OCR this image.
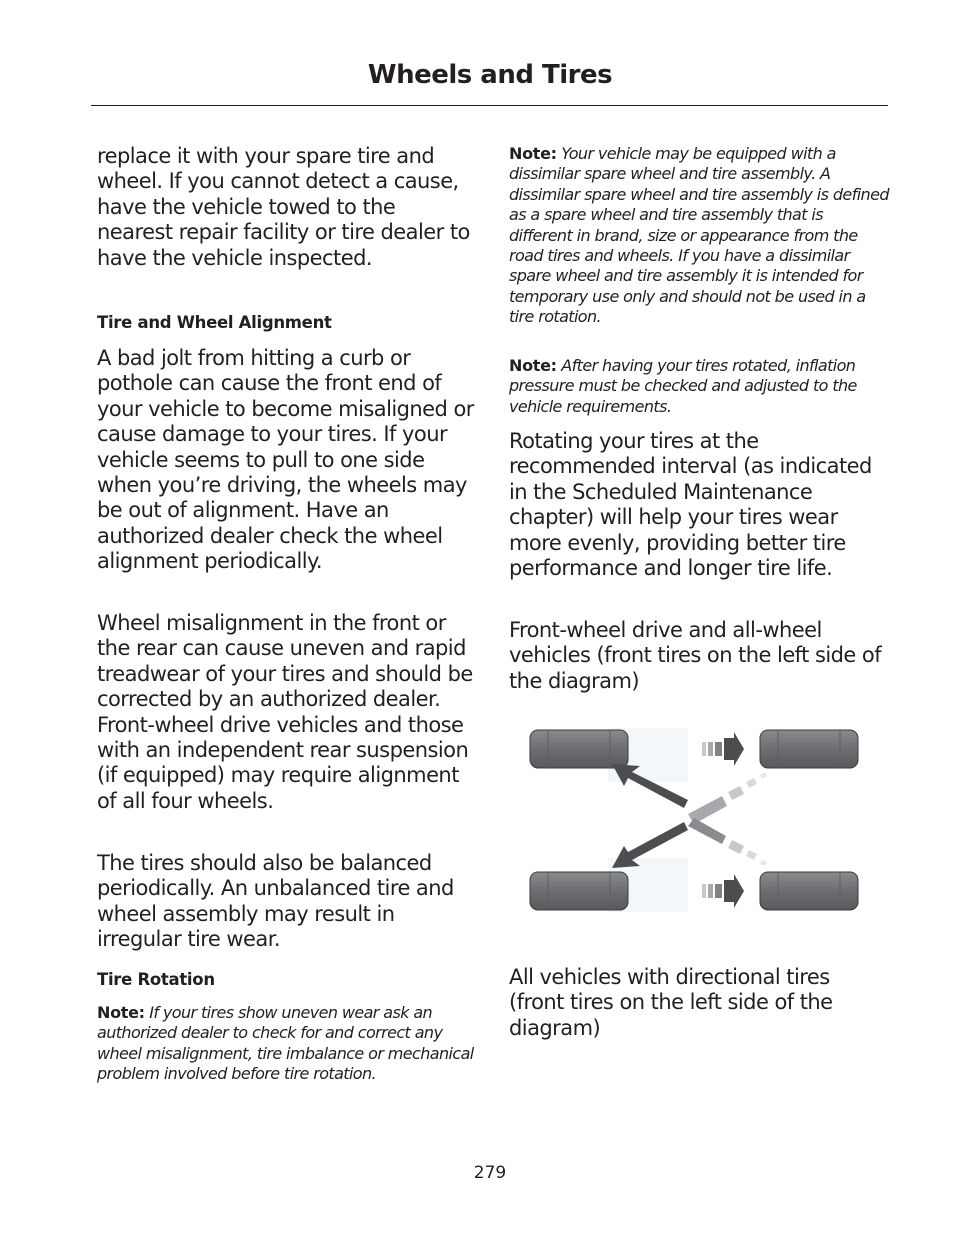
Wheels and Tires

replace it with your spare tire and wheel. If you cannot detect a cause, have the vehicle towed to the nearest repair facility or tire dealer to have the vehicle inspected.

Tire and Wheel Alignment

A bad jolt from hitting a curb or pothole can cause the front end of your vehicle to become misaligned or cause damage to your tires. If your vehicle seems to pull to one side when you’re driving, the wheels may be out of alignment. Have an authorized dealer check the wheel alignment periodically.

Wheel misalignment in the front or the rear can cause uneven and rapid treadwear of your tires and should be corrected by an authorized dealer. Front-wheel drive vehicles and those with an independent rear suspension (if equipped) may require alignment of all four wheels.

The tires should also be balanced periodically. An unbalanced tire and wheel assembly may result in irregular tire wear.

Tire Rotation

Note: If your tires show uneven wear ask an authorized dealer to check for and correct any wheel misalignment, tire imbalance or mechanical problem involved before tire rotation.

Note: Your vehicle may be equipped with a dissimilar spare wheel and tire assembly. A dissimilar spare wheel and tire assembly is defined as a spare wheel and tire assembly that is different in brand, size or appearance from the road tires and wheels. If you have a dissimilar spare wheel and tire assembly it is intended for temporary use only and should not be used in a tire rotation.

Note: After having your tires rotated, inflation pressure must be checked and adjusted to the vehicle requirements.

Rotating your tires at the recommended interval (as indicated in the Scheduled Maintenance chapter) will help your tires wear more evenly, providing better tire performance and longer tire life.

Front-wheel drive and all-wheel vehicles (front tires on the left side of the diagram)

All vehicles with directional tires (front tires on the left side of the diagram)

279
